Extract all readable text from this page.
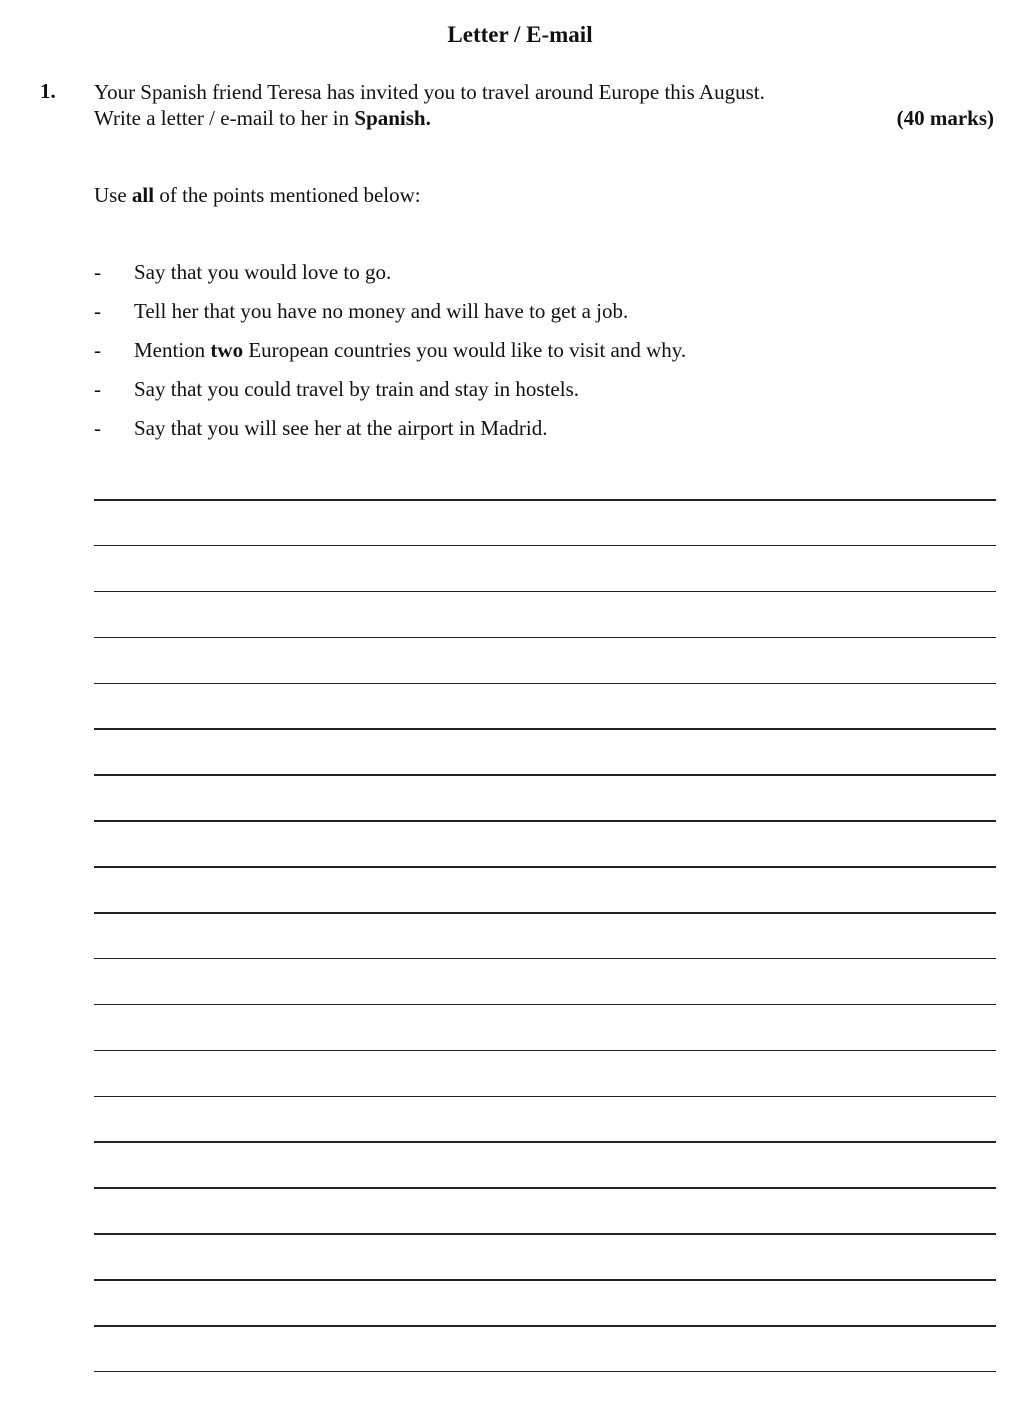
Letter / E-mail
1. Your Spanish friend Teresa has invited you to travel around Europe this August.
Write a letter / e-mail to her in Spanish.	(40 marks)
Use all of the points mentioned below:
- Say that you would love to go.
- Tell her that you have no money and will have to get a job.
- Mention two European countries you would like to visit and why.
- Say that you could travel by train and stay in hostels.
- Say that you will see her at the airport in Madrid.
